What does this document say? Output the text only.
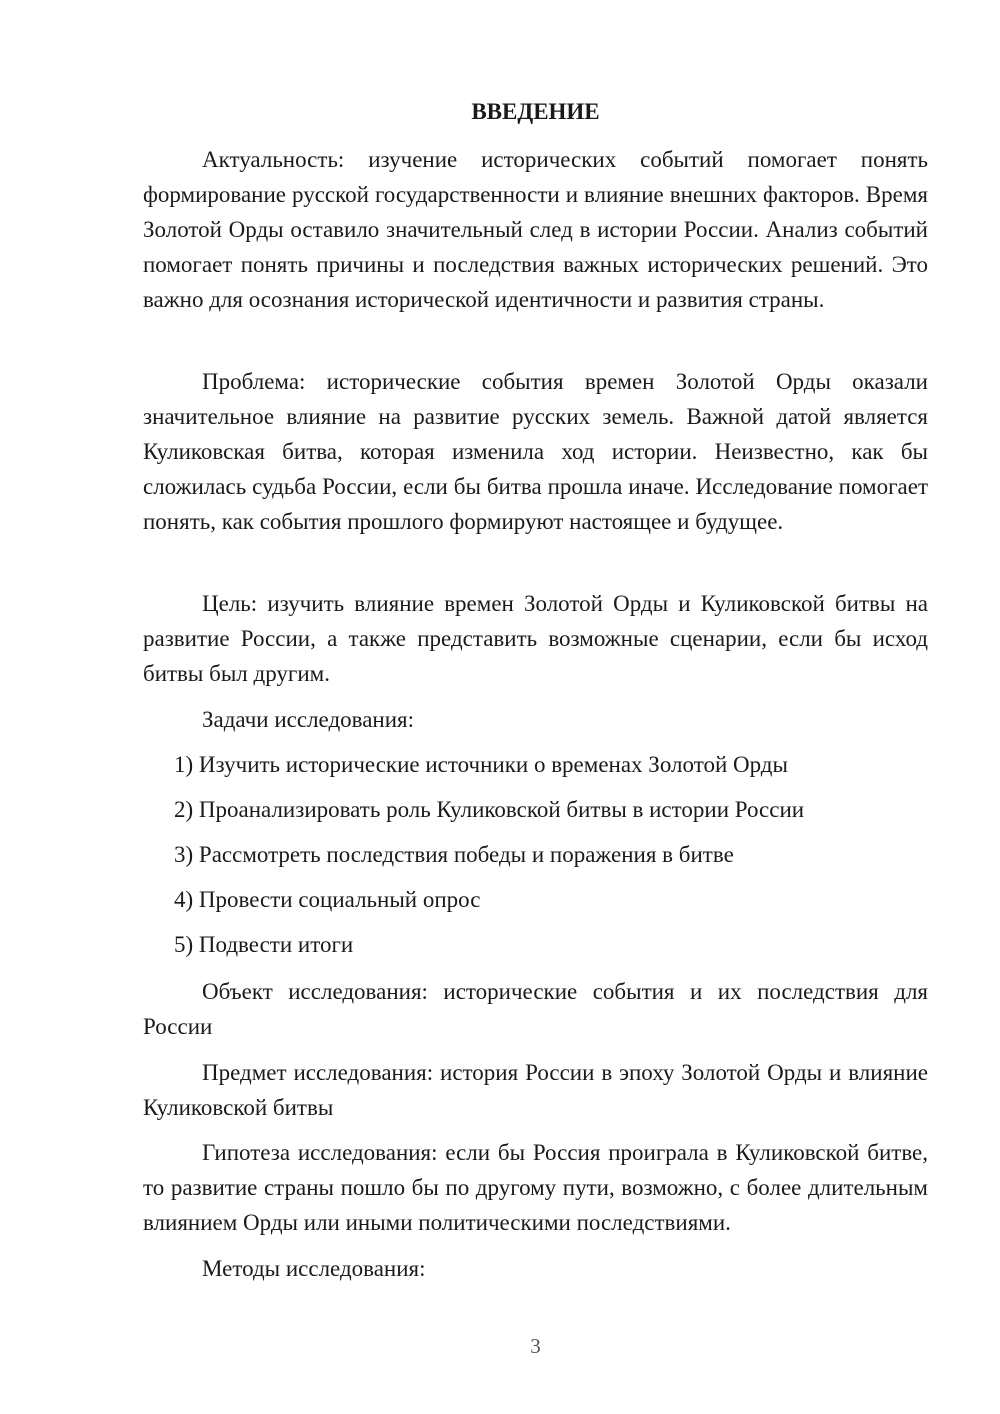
ВВЕДЕНИЕ

Актуальность: изучение исторических событий помогает понять формирование русской государственности и влияние внешних факторов. Время Золотой Орды оставило значительный след в истории России. Анализ событий помогает понять причины и последствия важных исторических решений. Это важно для осознания исторической идентичности и развития страны.

Проблема: исторические события времен Золотой Орды оказали значительное влияние на развитие русских земель. Важной датой является Куликовская битва, которая изменила ход истории. Неизвестно, как бы сложилась судьба России, если бы битва прошла иначе. Исследование помогает понять, как события прошлого формируют настоящее и будущее.

Цель: изучить влияние времен Золотой Орды и Куликовской битвы на развитие России, а также представить возможные сценарии, если бы исход битвы был другим.

Задачи исследования:
1) Изучить исторические источники о временах Золотой Орды
2) Проанализировать роль Куликовской битвы в истории России
3) Рассмотреть последствия победы и поражения в битве
4) Провести социальный опрос
5) Подвести итоги

Объект исследования: исторические события и их последствия для России

Предмет исследования: история России в эпоху Золотой Орды и влияние Куликовской битвы

Гипотеза исследования: если бы Россия проиграла в Куликовской битве, то развитие страны пошло бы по другому пути, возможно, с более длительным влиянием Орды или иными политическими последствиями.

Методы исследования:
3
